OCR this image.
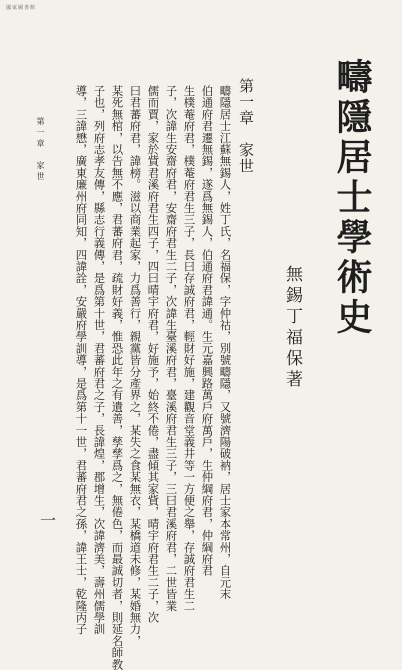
國家圖書館
疇隱居士學術史
無錫丁福保著
第一章　家世
疇隱居士江蘇無錫人，姓丁氏，名福保，字仲祜，別號疇隱，又號濟陽破衲，居士家本常州，自元末
伯通府君遷無錫，遂爲無錫人，伯通府君諱通。生元嘉興路萬戶府萬戶，生仲綱府君，仲綱府君
生樸菴府君，樸菴府君生三子，長曰存誠府君，輕財好施，建觀音堂義井等一方便之舉，存誠府君生二
子，次諱生安齋府君，安齋府君生二子，次諱生臺溪府君，臺溪府君生三子，三曰君溪府君，二世皆業
儒而賈，家於貲君溪府君生四子，四曰晴宇府君，好施予，始終不倦，盡傾其家貲，晴宇府君生二子，次
曰君蕃府君，諱榜。滋以商業起家，力爲善行，親黨皆分產界之，某失之食某無衣，某橋道未修，某婚無力，
某死無棺，以告無不應，君蕃府君，疏財好義，惟恐此年之有遺善，孳孳爲之，無倦色，而最誠切者，則延名師教
子也，列府志孝友傳，縣志行義傳，是爲第十世，君蕃府君之子，長諱煌，郡增生，次諱濟美，壽州儒學訓
導，三諱懋，廣東廉州府同知，四諱詮，安嚴府學訓導，是爲第十一世，君蕃府君之孫，諱王士，乾隆丙子
第一章　家世
一
